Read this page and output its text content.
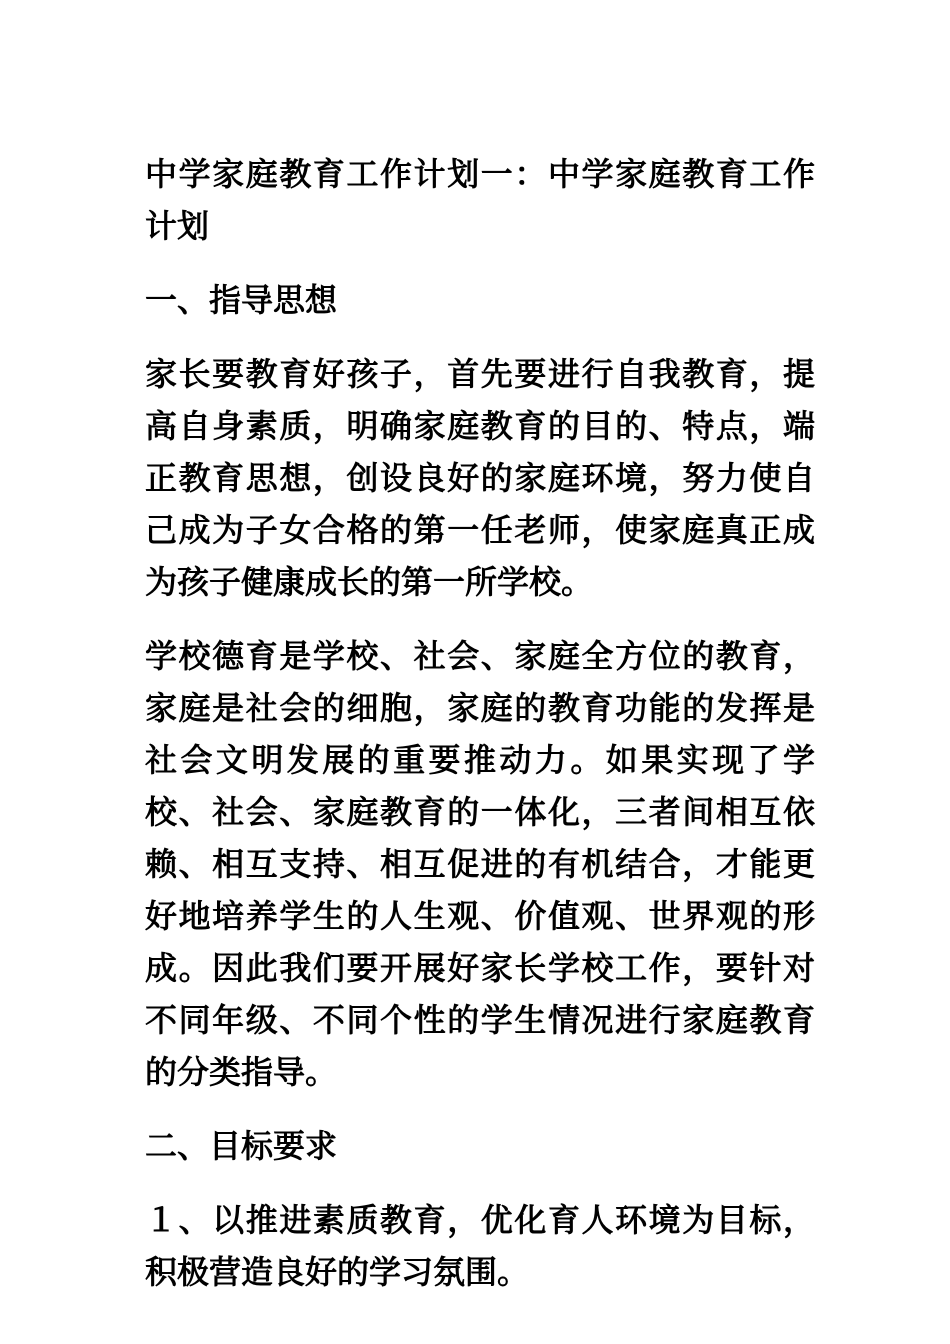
中学家庭教育工作计划一：中学家庭教育工作计划

一、指导思想

家长要教育好孩子，首先要进行自我教育，提高自身素质，明确家庭教育的目的、特点，端正教育思想，创设良好的家庭环境，努力使自己成为子女合格的第一任老师，使家庭真正成为孩子健康成长的第一所学校。

学校德育是学校、社会、家庭全方位的教育，家庭是社会的细胞，家庭的教育功能的发挥是社会文明发展的重要推动力。如果实现了学校、社会、家庭教育的一体化，三者间相互依赖、相互支持、相互促进的有机结合，才能更好地培养学生的人生观、价值观、世界观的形成。因此我们要开展好家长学校工作，要针对不同年级、不同个性的学生情况进行家庭教育的分类指导。

二、目标要求

１、以推进素质教育，优化育人环境为目标，积极营造良好的学习氛围。
